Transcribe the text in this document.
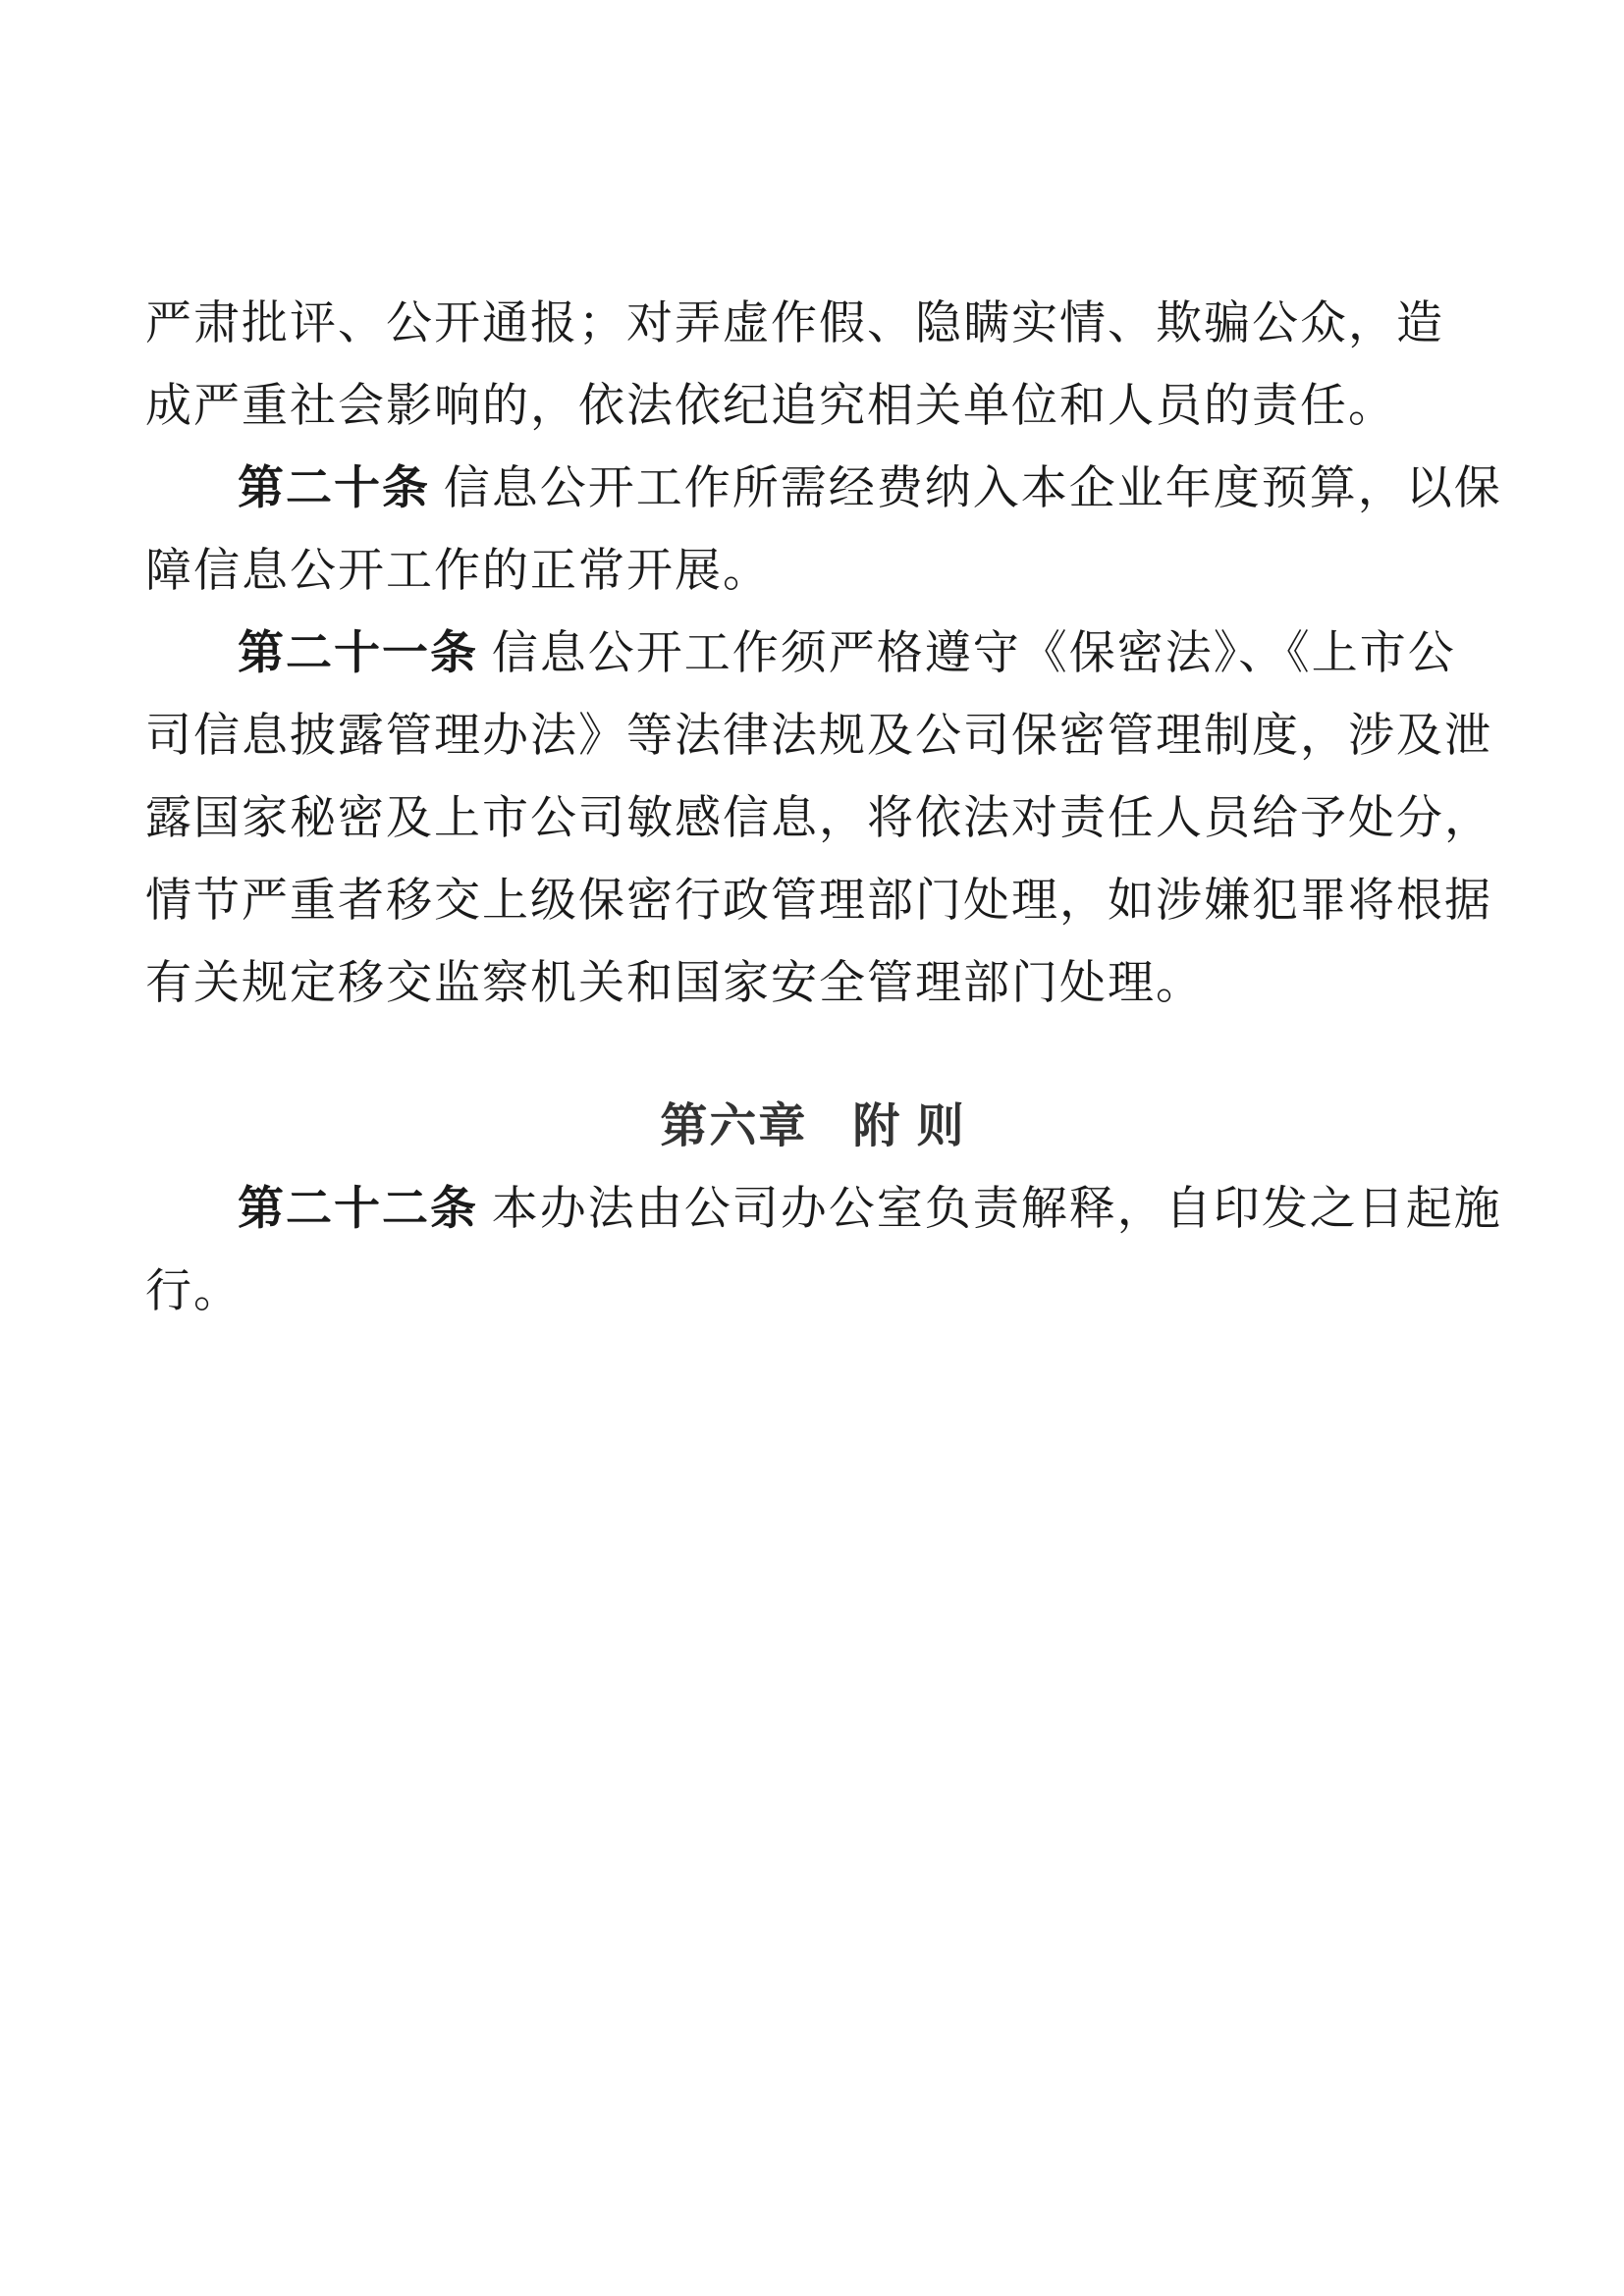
严肃批评、公开通报；对弄虚作假、隐瞒实情、欺骗公众，造
成严重社会影响的，依法依纪追究相关单位和人员的责任。
第二十条 信息公开工作所需经费纳入本企业年度预算，以保
障信息公开工作的正常开展。
第二十一条 信息公开工作须严格遵守《保密法》、《上市公
司信息披露管理办法》等法律法规及公司保密管理制度，涉及泄
露国家秘密及上市公司敏感信息，将依法对责任人员给予处分，
情节严重者移交上级保密行政管理部门处理，如涉嫌犯罪将根据
有关规定移交监察机关和国家安全管理部门处理。
第六章 附 则
第二十二条 本办法由公司办公室负责解释，自印发之日起施
行。
